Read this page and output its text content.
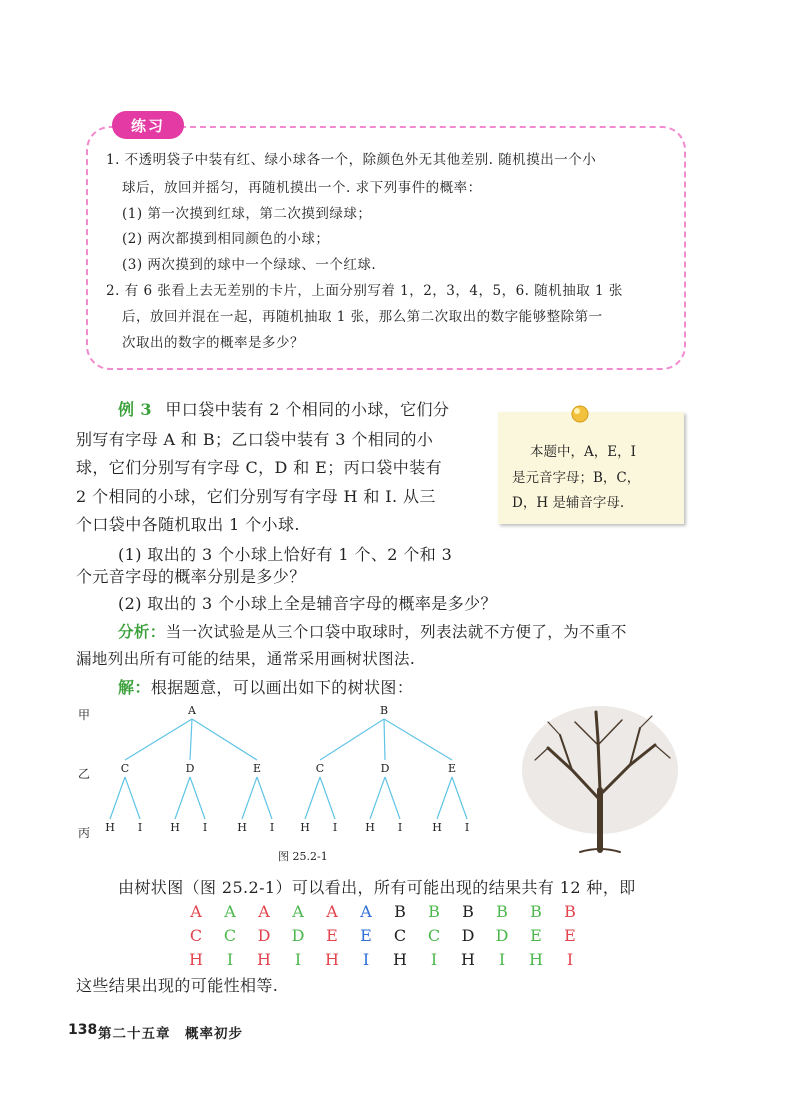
练习
1. 不透明袋子中装有红、绿小球各一个，除颜色外无其他差别. 随机摸出一个小
球后，放回并摇匀，再随机摸出一个. 求下列事件的概率：
(1) 第一次摸到红球，第二次摸到绿球；
(2) 两次都摸到相同颜色的小球；
(3) 两次摸到的球中一个绿球、一个红球.
2. 有 6 张看上去无差别的卡片，上面分别写着 1，2，3，4，5，6. 随机抽取 1 张
后，放回并混在一起，再随机抽取 1 张，那么第二次取出的数字能够整除第一
次取出的数字的概率是多少？
例 3 甲口袋中装有 2 个相同的小球，它们分
别写有字母 A 和 B；乙口袋中装有 3 个相同的小
球，它们分别写有字母 C，D 和 E；丙口袋中装有
2 个相同的小球，它们分别写有字母 H 和 I. 从三
个口袋中各随机取出 1 个小球.
(1) 取出的 3 个小球上恰好有 1 个、2 个和 3
个元音字母的概率分别是多少？
(2) 取出的 3 个小球上全是辅音字母的概率是多少？
分析：当一次试验是从三个口袋中取球时，列表法就不方便了，为不重不
漏地列出所有可能的结果，通常采用画树状图法.
解：根据题意，可以画出如下的树状图：
本题中，A，E，I
是元音字母；B，C，
D，H 是辅音字母.
A	B
C	D	E	C	D	E
H I	H I	H I H I	H I	H I
甲
乙
丙
图 25.2-1
由树状图（图 25.2-1）可以看出，所有可能出现的结果共有 12 种，即
A A A A A A B B B B B B
C C D D E E C C D D E E
H	I	H	I	H	I	H	I	H	I	H	I
这些结果出现的可能性相等.
138 第二十五章　概率初步
